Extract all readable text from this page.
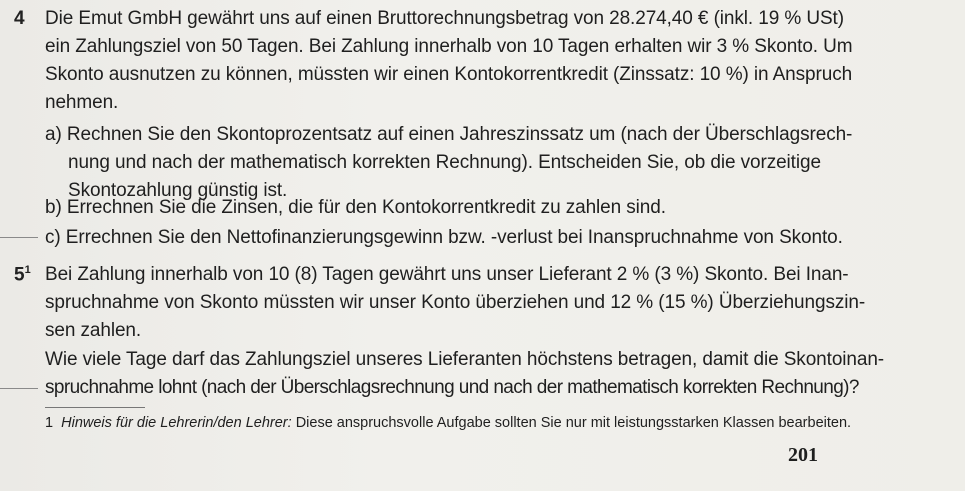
4 Die Emut GmbH gewährt uns auf einen Bruttorechnungsbetrag von 28.274,40 € (inkl. 19 % USt)
ein Zahlungsziel von 50 Tagen. Bei Zahlung innerhalb von 10 Tagen erhalten wir 3 % Skonto. Um
Skonto ausnutzen zu können, müssten wir einen Kontokorrentkredit (Zinssatz: 10 %) in Anspruch
nehmen.
a) Rechnen Sie den Skontoprozentsatz auf einen Jahreszinssatz um (nach der Überschlagsrech-
nung und nach der mathematisch korrekten Rechnung). Entscheiden Sie, ob die vorzeitige
Skontozahlung günstig ist.
b) Errechnen Sie die Zinsen, die für den Kontokorrentkredit zu zahlen sind.
c) Errechnen Sie den Nettofinanzierungsgewinn bzw. -verlust bei Inanspruchnahme von Skonto.
$5^1$ Bei Zahlung innerhalb von 10 (8) Tagen gewährt uns unser Lieferant 2 % (3 %) Skonto. Bei Inan-
spruchnahme von Skonto müssten wir unser Konto überziehen und 12 % (15 %) Überziehungszin-
sen zahlen.
Wie viele Tage darf das Zahlungsziel unseres Lieferanten höchstens betragen, damit die Skontoinan-
spruchnahme lohnt (nach der Überschlagsrechnung und nach der mathematisch korrekten Rechnung)?
1 Hinweis für die Lehrerin/den Lehrer: Diese anspruchsvolle Aufgabe sollten Sie nur mit leistungsstarken Klassen bearbeiten.
201
